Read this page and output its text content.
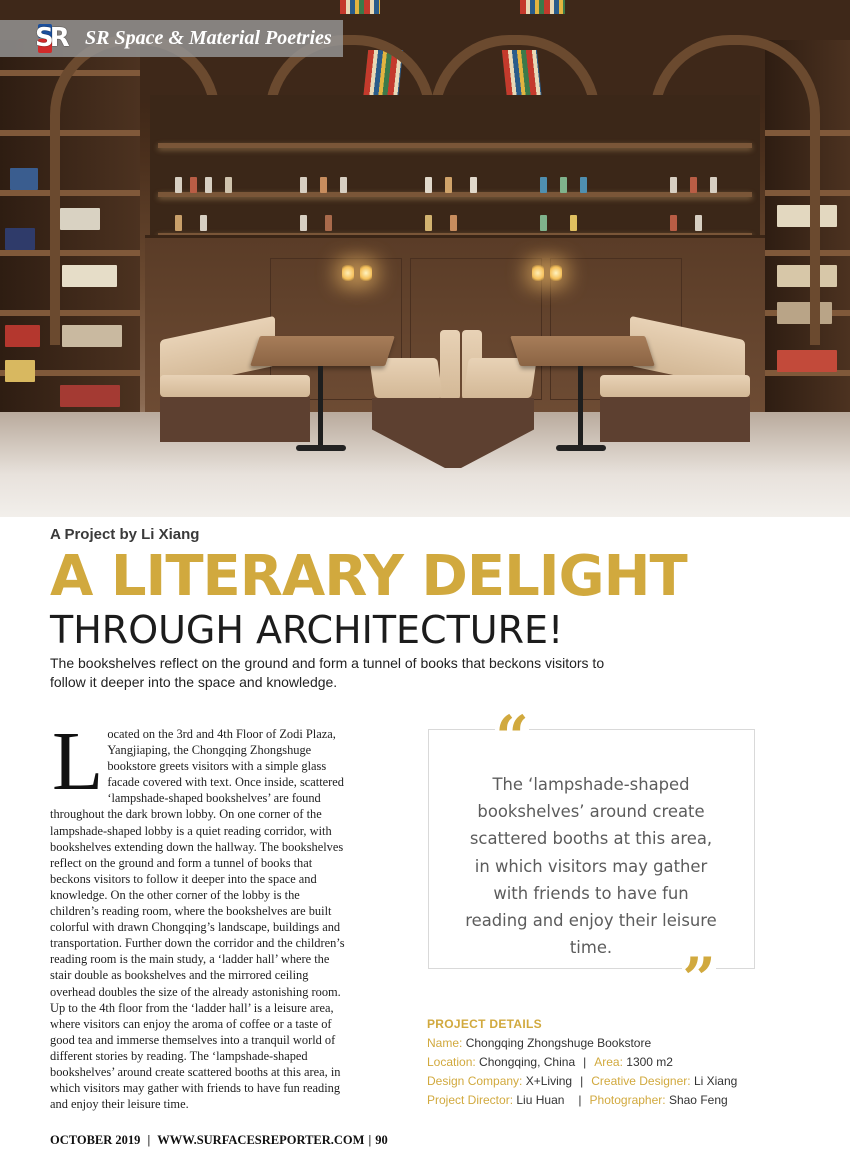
SR SR Space & Material Poetries
A Project by Li Xiang
A LITERARY DELIGHT
THROUGH ARCHITECTURE!
The bookshelves reflect on the ground and form a tunnel of books that beckons visitors to follow it deeper into the space and knowledge.
Located on the 3rd and 4th Floor of Zodi Plaza, Yangjiaping, the Chongqing Zhongshuge bookstore greets visitors with a simple glass facade covered with text. Once inside, scattered ‘lampshade-shaped bookshelves’ are found throughout the dark brown lobby. On one corner of the lampshade-shaped lobby is a quiet reading corridor, with bookshelves extending down the hallway. The bookshelves reflect on the ground and form a tunnel of books that beckons visitors to follow it deeper into the space and knowledge. On the other corner of the lobby is the children’s reading room, where the bookshelves are built colorful with drawn Chongqing’s landscape, buildings and transportation. Further down the corridor and the children’s reading room is the main study, a ‘ladder hall’ where the stair double as bookshelves and the mirrored ceiling overhead doubles the size of the already astonishing room. Up to the 4th floor from the ‘ladder hall’ is a leisure area, where visitors can enjoy the aroma of coffee or a taste of good tea and immerse themselves into a tranquil world of different stories by reading. The ‘lampshade-shaped bookshelves’ around create scattered booths at this area, in which visitors may gather with friends to have fun reading and enjoy their leisure time.
“
The ‘lampshade-shaped bookshelves’ around create scattered booths at this area, in which visitors may gather with friends to have fun reading and enjoy their leisure time.	”
PROJECT DETAILS
Name: Chongqing Zhongshuge Bookstore
Location: Chongqing, China | Area: 1300 m2
Design Company: X+Living | Creative Designer: Li Xiang
Project Director: Liu Huan | Photographer: Shao Feng
OCTOBER 2019 | WWW.SURFACESREPORTER.COM | 90
